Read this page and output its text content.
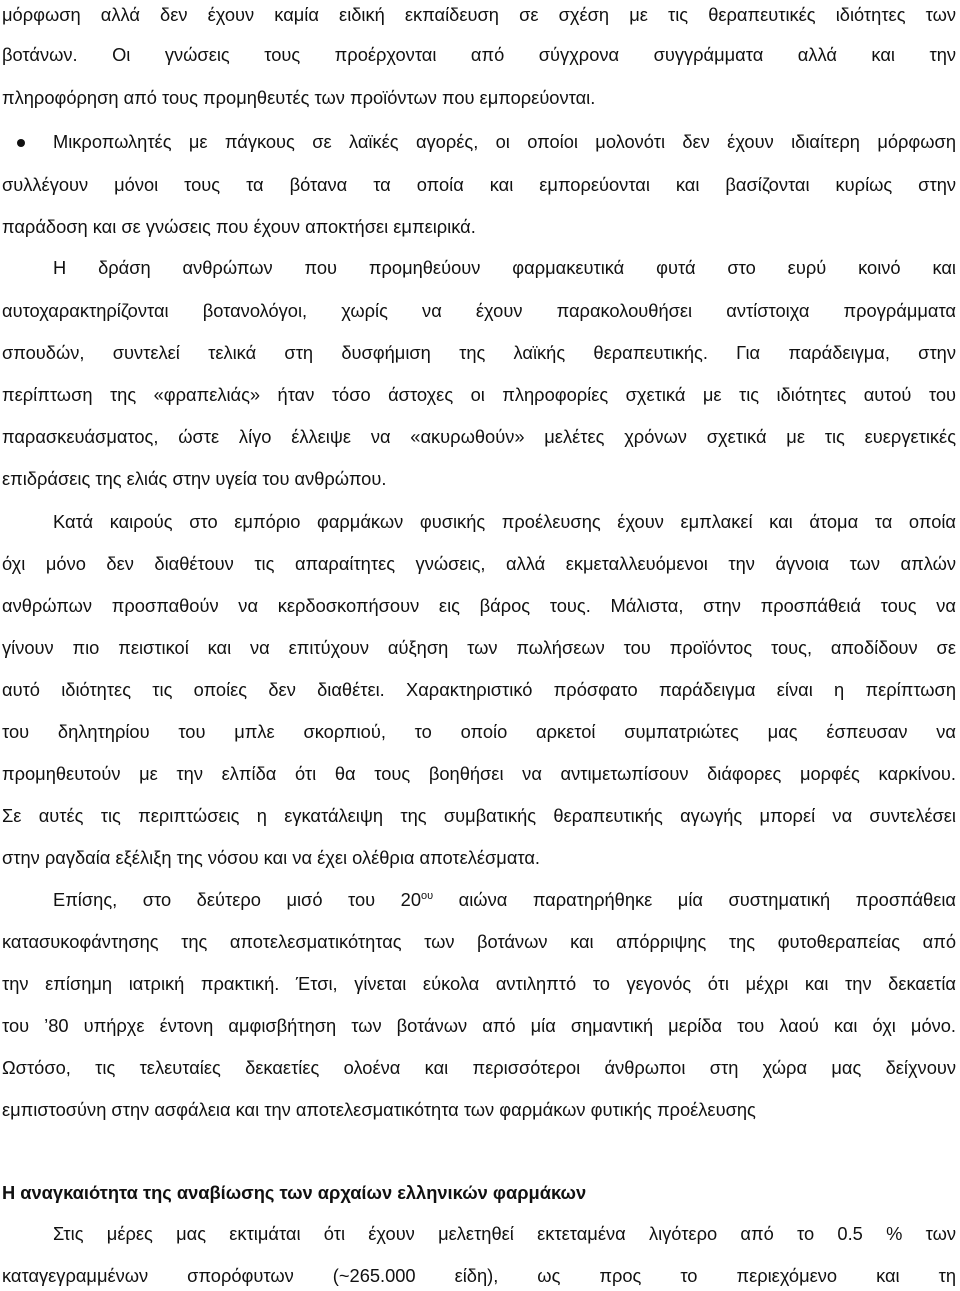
μόρφωση αλλά δεν έχουν καμία ειδική εκπαίδευση σε σχέση με τις θεραπευτικές ιδιότητες των
βοτάνων. Οι γνώσεις τους προέρχονται από σύγχρονα συγγράμματα αλλά και την
πληροφόρηση από τους προμηθευτές των προϊόντων που εμπορεύονται.
Μικροπωλητές με πάγκους σε λαϊκές αγορές, οι οποίοι μολονότι δεν έχουν ιδιαίτερη μόρφωση
συλλέγουν μόνοι τους τα βότανα τα οποία και εμπορεύονται και βασίζονται κυρίως στην
παράδοση και σε γνώσεις που έχουν αποκτήσει εμπειρικά.
Η δράση ανθρώπων που προμηθεύουν φαρμακευτικά φυτά στο ευρύ κοινό και
αυτοχαρακτηρίζονται βοτανολόγοι, χωρίς να έχουν παρακολουθήσει αντίστοιχα προγράμματα
σπουδών, συντελεί τελικά στη δυσφήμιση της λαϊκής θεραπευτικής. Για παράδειγμα, στην
περίπτωση της «φραπελιάς» ήταν τόσο άστοχες οι πληροφορίες σχετικά με τις ιδιότητες αυτού του
παρασκευάσματος, ώστε λίγο έλλειψε να «ακυρωθούν» μελέτες χρόνων σχετικά με τις ευεργετικές
επιδράσεις της ελιάς στην υγεία του ανθρώπου.
Κατά καιρούς στο εμπόριο φαρμάκων φυσικής προέλευσης έχουν εμπλακεί και άτομα τα οποία
όχι μόνο δεν διαθέτουν τις απαραίτητες γνώσεις, αλλά εκμεταλλευόμενοι την άγνοια των απλών
ανθρώπων προσπαθούν να κερδοσκοπήσουν εις βάρος τους. Μάλιστα, στην προσπάθειά τους να
γίνουν πιο πειστικοί και να επιτύχουν αύξηση των πωλήσεων του προϊόντος τους, αποδίδουν σε
αυτό ιδιότητες τις οποίες δεν διαθέτει. Χαρακτηριστικό πρόσφατο παράδειγμα είναι η περίπτωση
του δηλητηρίου του μπλε σκορπιού, το οποίο αρκετοί συμπατριώτες μας έσπευσαν να
προμηθευτούν με την ελπίδα ότι θα τους βοηθήσει να αντιμετωπίσουν διάφορες μορφές καρκίνου.
Σε αυτές τις περιπτώσεις η εγκατάλειψη της συμβατικής θεραπευτικής αγωγής μπορεί να συντελέσει
στην ραγδαία εξέλιξη της νόσου και να έχει ολέθρια αποτελέσματα.
Επίσης, στο δεύτερο μισό του $20^{o\upsilon}$ αιώνα παρατηρήθηκε μία συστηματική προσπάθεια
κατασυκοφάντησης της αποτελεσματικότητας των βοτάνων και απόρριψης της φυτοθεραπείας από
την επίσημη ιατρική πρακτική. Έτσι, γίνεται εύκολα αντιληπτό το γεγονός ότι μέχρι και την δεκαετία
του ’80 υπήρχε έντονη αμφισβήτηση των βοτάνων από μία σημαντική μερίδα του λαού και όχι μόνο.
Ωστόσο, τις τελευταίες δεκαετίες ολοένα και περισσότεροι άνθρωποι στη χώρα μας δείχνουν
εμπιστοσύνη στην ασφάλεια και την αποτελεσματικότητα των φαρμάκων φυτικής προέλευσης
Η αναγκαιότητα της αναβίωσης των αρχαίων ελληνικών φαρμάκων
Στις μέρες μας εκτιμάται ότι έχουν μελετηθεί εκτεταμένα λιγότερο από το 0.5 % των
καταγεγραμμένων σπορόφυτων (~265.000 είδη), ως προς το περιεχόμενο και τη
